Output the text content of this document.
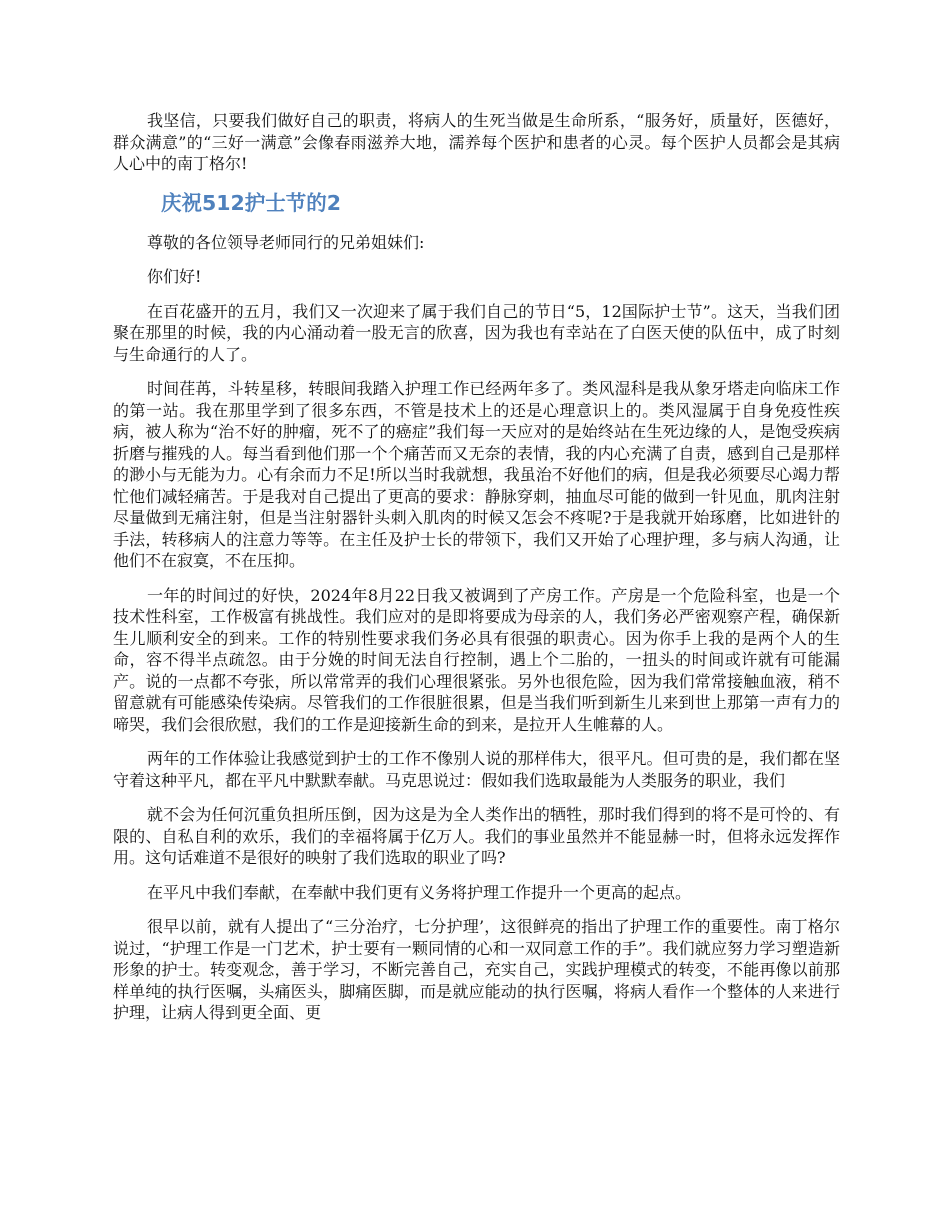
我坚信，只要我们做好自己的职责，将病人的生死当做是生命所系，“服务好，质量好，医德好，群众满意”的“三好一满意”会像春雨滋养大地，濡养每个医护和患者的心灵。每个医护人员都会是其病人心中的南丁格尔!

庆祝512护士节的2

尊敬的各位领导老师同行的兄弟姐妹们:

你们好!

在百花盛开的五月，我们又一次迎来了属于我们自己的节日“5，12国际护士节”。这天，当我们团聚在那里的时候，我的内心涌动着一股无言的欣喜，因为我也有幸站在了白医天使的队伍中，成了时刻与生命通行的人了。

时间荏苒，斗转星移，转眼间我踏入护理工作已经两年多了。类风湿科是我从象牙塔走向临床工作的第一站。我在那里学到了很多东西，不管是技术上的还是心理意识上的。类风湿属于自身免疫性疾病，被人称为“治不好的肿瘤，死不了的癌症”我们每一天应对的是始终站在生死边缘的人，是饱受疾病折磨与摧残的人。每当看到他们那一个个痛苦而又无奈的表情，我的内心充满了自责，感到自己是那样的渺小与无能为力。心有余而力不足!所以当时我就想，我虽治不好他们的病，但是我必须要尽心竭力帮忙他们减轻痛苦。于是我对自己提出了更高的要求：静脉穿刺，抽血尽可能的做到一针见血，肌肉注射尽量做到无痛注射，但是当注射器针头刺入肌肉的时候又怎会不疼呢?于是我就开始琢磨，比如进针的手法，转移病人的注意力等等。在主任及护士长的带领下，我们又开始了心理护理，多与病人沟通，让他们不在寂寞，不在压抑。

一年的时间过的好快，2024年8月22日我又被调到了产房工作。产房是一个危险科室，也是一个技术性科室，工作极富有挑战性。我们应对的是即将要成为母亲的人，我们务必严密观察产程，确保新生儿顺利安全的到来。工作的特别性要求我们务必具有很强的职责心。因为你手上我的是两个人的生命，容不得半点疏忽。由于分娩的时间无法自行控制，遇上个二胎的，一扭头的时间或许就有可能漏产。说的一点都不夸张，所以常常弄的我们心理很紧张。另外也很危险，因为我们常常接触血液，稍不留意就有可能感染传染病。尽管我们的工作很脏很累，但是当我们听到新生儿来到世上那第一声有力的啼哭，我们会很欣慰，我们的工作是迎接新生命的到来，是拉开人生帷幕的人。

两年的工作体验让我感觉到护士的工作不像别人说的那样伟大，很平凡。但可贵的是，我们都在坚守着这种平凡，都在平凡中默默奉献。马克思说过：假如我们选取最能为人类服务的职业，我们

就不会为任何沉重负担所压倒，因为这是为全人类作出的牺牲，那时我们得到的将不是可怜的、有限的、自私自利的欢乐，我们的幸福将属于亿万人。我们的事业虽然并不能显赫一时，但将永远发挥作用。这句话难道不是很好的映射了我们选取的职业了吗?

在平凡中我们奉献，在奉献中我们更有义务将护理工作提升一个更高的起点。

很早以前，就有人提出了“三分治疗，七分护理’，这很鲜亮的指出了护理工作的重要性。南丁格尔说过，“护理工作是一门艺术，护士要有一颗同情的心和一双同意工作的手”。我们就应努力学习塑造新形象的护士。转变观念，善于学习，不断完善自己，充实自己，实践护理模式的转变，不能再像以前那样单纯的执行医嘱，头痛医头，脚痛医脚，而是就应能动的执行医嘱，将病人看作一个整体的人来进行护理，让病人得到更全面、更
